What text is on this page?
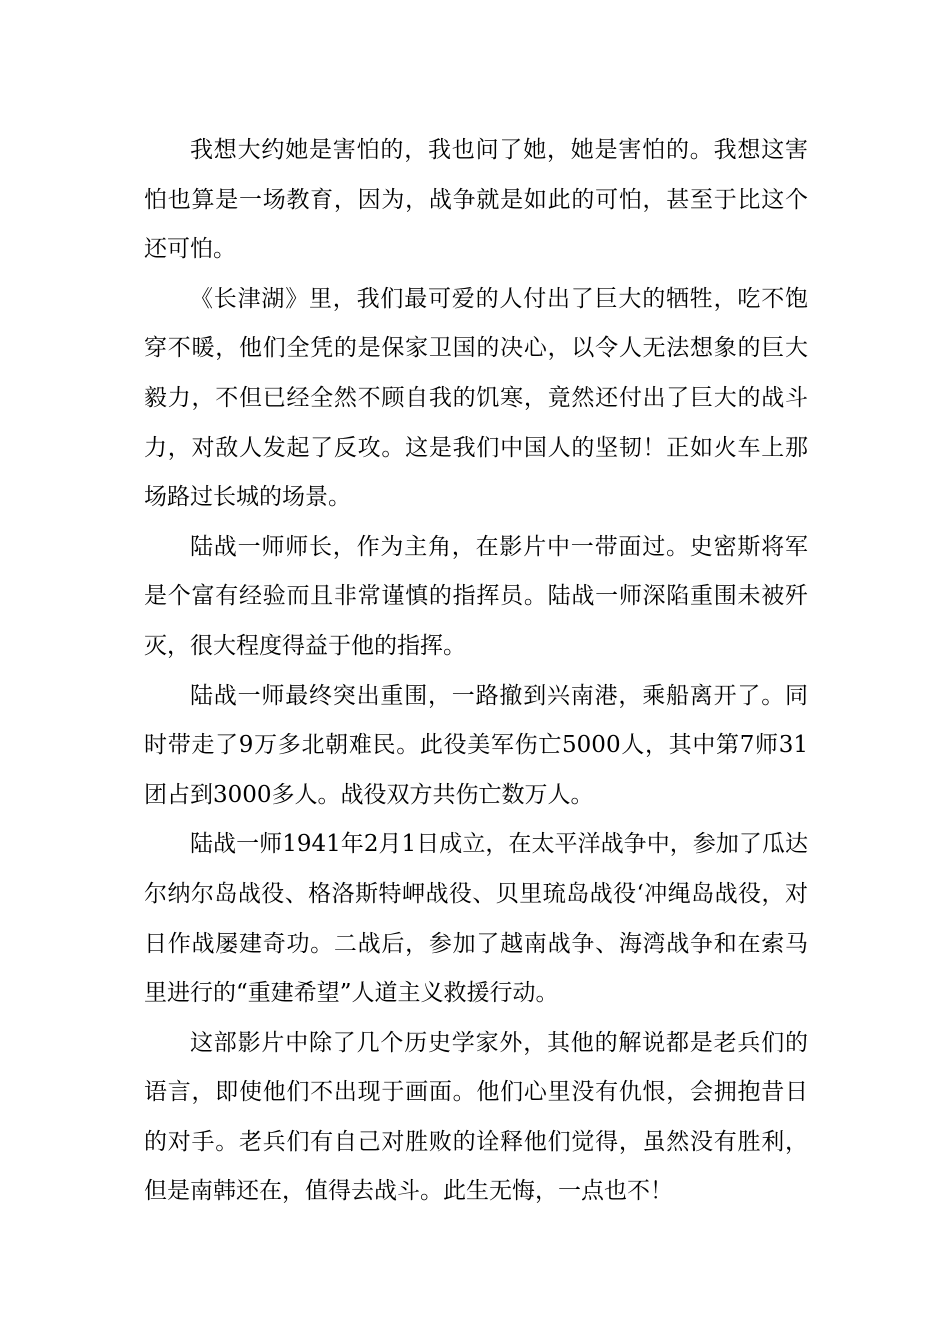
我想大约她是害怕的，我也问了她，她是害怕的。我想这害怕也算是一场教育，因为，战争就是如此的可怕，甚至于比这个还可怕。

《长津湖》里，我们最可爱的人付出了巨大的牺牲，吃不饱穿不暖，他们全凭的是保家卫国的决心，以令人无法想象的巨大毅力，不但已经全然不顾自我的饥寒，竟然还付出了巨大的战斗力，对敌人发起了反攻。这是我们中国人的坚韧！正如火车上那场路过长城的场景。

陆战一师师长，作为主角，在影片中一带面过。史密斯将军是个富有经验而且非常谨慎的指挥员。陆战一师深陷重围未被歼灭，很大程度得益于他的指挥。

陆战一师最终突出重围，一路撤到兴南港，乘船离开了。同时带走了9万多北朝难民。此役美军伤亡5000人，其中第7师31团占到3000多人。战役双方共伤亡数万人。

陆战一师1941年2月1日成立，在太平洋战争中，参加了瓜达尔纳尔岛战役、格洛斯特岬战役、贝里琉岛战役‘冲绳岛战役，对日作战屡建奇功。二战后，参加了越南战争、海湾战争和在索马里进行的“重建希望”人道主义救援行动。

这部影片中除了几个历史学家外，其他的解说都是老兵们的语言，即使他们不出现于画面。他们心里没有仇恨，会拥抱昔日的对手。老兵们有自己对胜败的诠释他们觉得，虽然没有胜利，但是南韩还在，值得去战斗。此生无悔，一点也不！
